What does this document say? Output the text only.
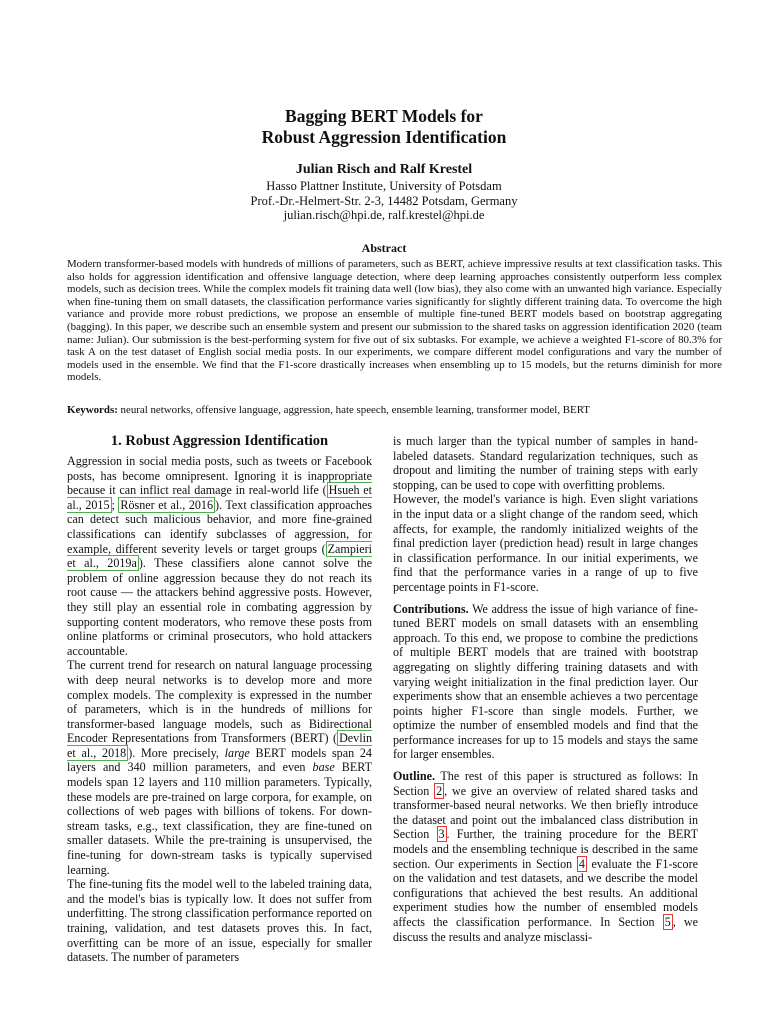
Bagging BERT Models for
Robust Aggression Identification
Julian Risch and Ralf Krestel
Hasso Plattner Institute, University of Potsdam
Prof.-Dr.-Helmert-Str. 2-3, 14482 Potsdam, Germany
julian.risch@hpi.de, ralf.krestel@hpi.de
Abstract
Modern transformer-based models with hundreds of millions of parameters, such as BERT, achieve impressive results at text classification tasks. This also holds for aggression identification and offensive language detection, where deep learning approaches consistently outperform less complex models, such as decision trees. While the complex models fit training data well (low bias), they also come with an unwanted high variance. Especially when fine-tuning them on small datasets, the classification performance varies significantly for slightly different training data. To overcome the high variance and provide more robust predictions, we propose an ensemble of multiple fine-tuned BERT models based on bootstrap aggregating (bagging). In this paper, we describe such an ensemble system and present our submission to the shared tasks on aggression identification 2020 (team name: Julian). Our submission is the best-performing system for five out of six subtasks. For example, we achieve a weighted F1-score of 80.3% for task A on the test dataset of English social media posts. In our experiments, we compare different model configurations and vary the number of models used in the ensemble. We find that the F1-score drastically increases when ensembling up to 15 models, but the returns diminish for more models.
Keywords: neural networks, offensive language, aggression, hate speech, ensemble learning, transformer model, BERT
1. Robust Aggression Identification

Aggression in social media posts, such as tweets or Facebook posts, has become omnipresent. Ignoring it is inappropriate because it can inflict real damage in real-world life ( Hsueh et al., 2015 ; Rösner et al., 2016 ). Text classification approaches can detect such malicious behavior, and more fine-grained classifications can identify subclasses of aggression, for example, different severity levels or target groups ( Zampieri et al., 2019a ). These classifiers alone cannot solve the problem of online aggression because they do not reach its root cause — the attackers behind aggressive posts. However, they still play an essential role in combating aggression by supporting content moderators, who remove these posts from online platforms or criminal prosecutors, who hold attackers accountable.

The current trend for research on natural language processing with deep neural networks is to develop more and more complex models. The complexity is expressed in the number of parameters, which is in the hundreds of millions for transformer-based language models, such as Bidirectional Encoder Representations from Transformers (BERT) ( Devlin et al., 2018 ). More precisely, large BERT models span 24 layers and 340 million parameters, and even base BERT models span 12 layers and 110 million parameters. Typically, these models are pre-trained on large corpora, for example, on collections of web pages with billions of tokens. For down-stream tasks, e.g., text classification, they are fine-tuned on smaller datasets. While the pre-training is unsupervised, the fine-tuning for down-stream tasks is typically supervised learning.

The fine-tuning fits the model well to the labeled training data, and the model's bias is typically low. It does not suffer from underfitting. The strong classification performance reported on training, validation, and test datasets proves this. In fact, overfitting can be more of an issue, especially for smaller datasets. The number of parameters

is much larger than the typical number of samples in hand-labeled datasets. Standard regularization techniques, such as dropout and limiting the number of training steps with early stopping, can be used to cope with overfitting problems.

However, the model's variance is high. Even slight variations in the input data or a slight change of the random seed, which affects, for example, the randomly initialized weights of the final prediction layer (prediction head) result in large changes in classification performance. In our initial experiments, we find that the performance varies in a range of up to five percentage points in F1-score.

Contributions. We address the issue of high variance of fine-tuned BERT models on small datasets with an ensembling approach. To this end, we propose to combine the predictions of multiple BERT models that are trained with bootstrap aggregating on slightly differing training datasets and with varying weight initialization in the final prediction layer. Our experiments show that an ensemble achieves a two percentage points higher F1-score than single models. Further, we optimize the number of ensembled models and find that the performance increases for up to 15 models and stays the same for larger ensembles.

Outline. The rest of this paper is structured as follows: In Section 2 , we give an overview of related shared tasks and transformer-based neural networks. We then briefly introduce the dataset and point out the imbalanced class distribution in Section 3 . Further, the training procedure for the BERT models and the ensembling technique is described in the same section. Our experiments in Section 4 evaluate the F1-score on the validation and test datasets, and we describe the model configurations that achieved the best results. An additional experiment studies how the number of ensembled models affects the classification performance. In Section 5 , we discuss the results and analyze misclassi-
